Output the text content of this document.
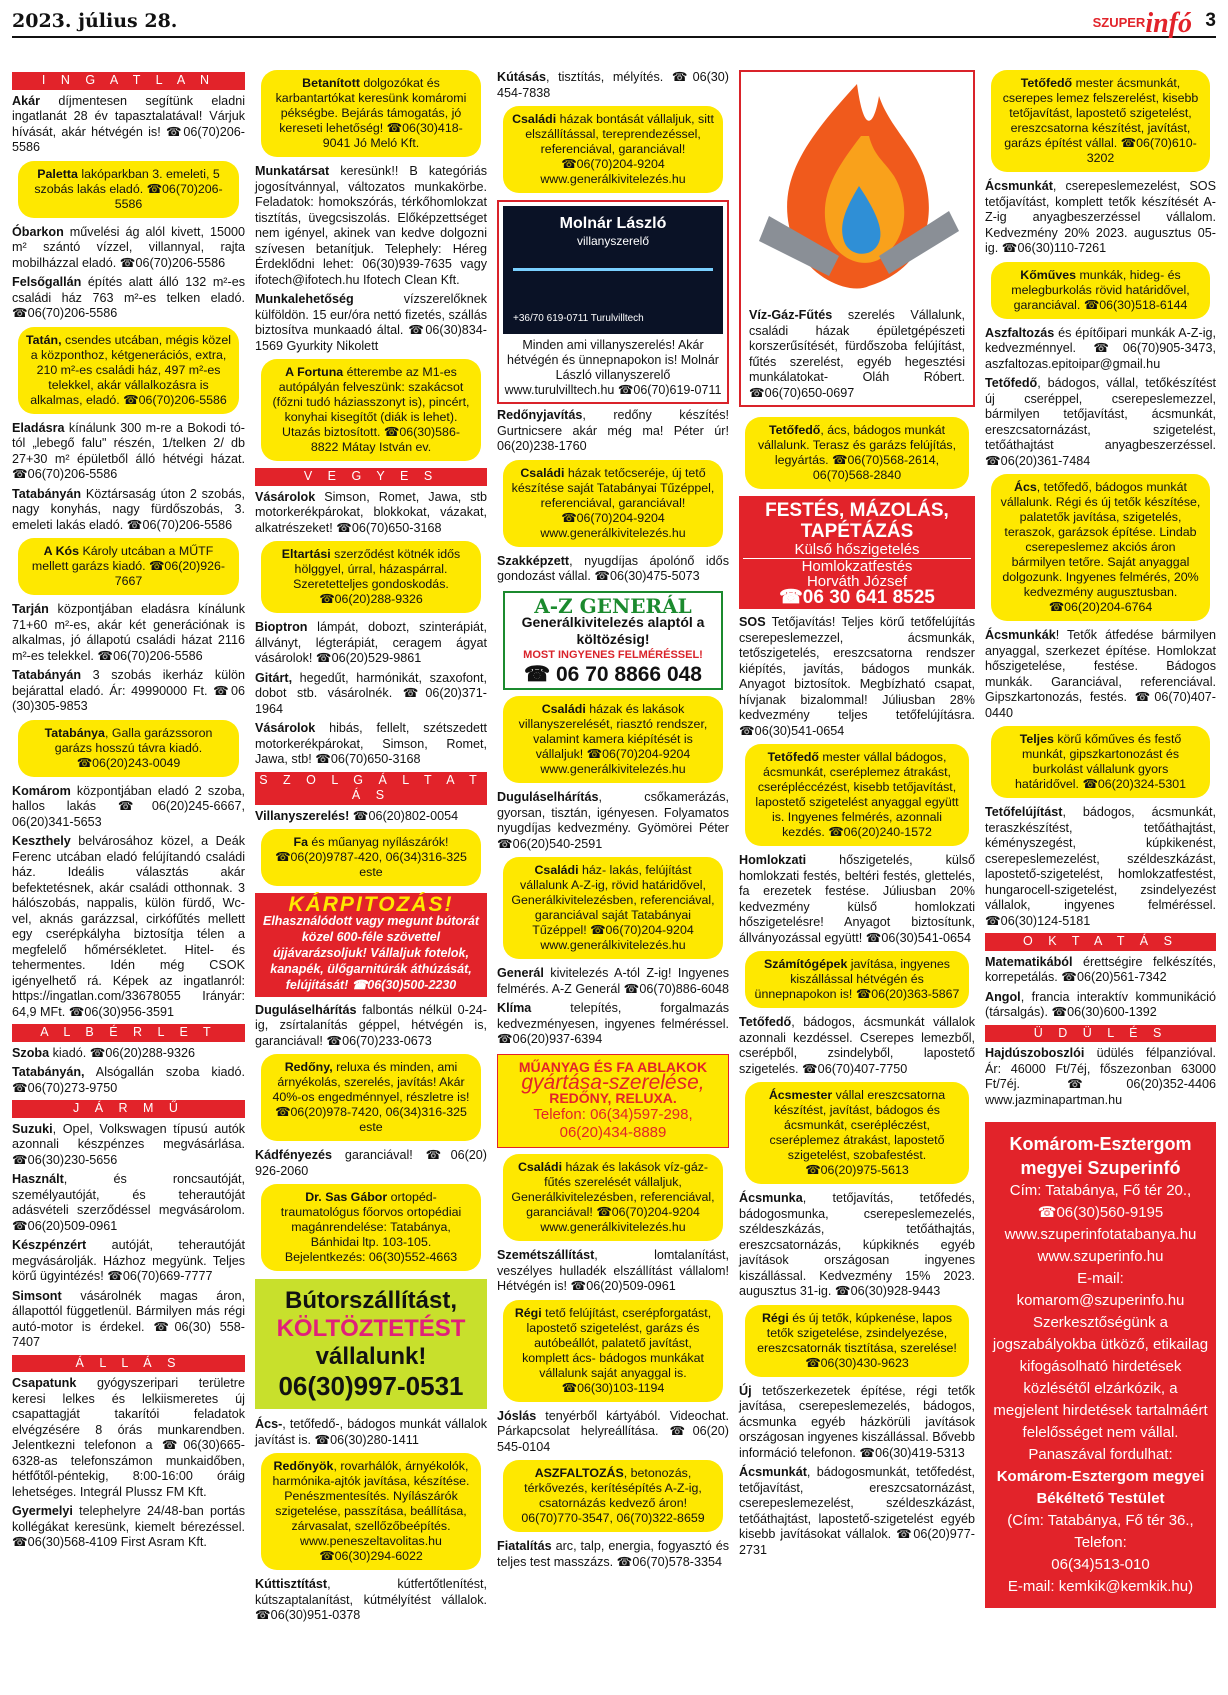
2023. július 28.	SZUPERinfó 3
I N G A T L A N
Akár díjmentesen segítünk eladni ingatlanát 28 év tapasztalatával! Várjuk hívását, akár hétvégén is! ☎06(70)206-5586
Paletta lakóparkban 3. emeleti, 5 szobás lakás eladó. ☎06(70)206-5586
Óbarkon művelési ág alól kivett, 15000 m² szántó vízzel, villannyal, rajta mobilházzal eladó. ☎06(70)206-5586
Felsőgallán építés alatt álló 132 m²-es családi ház 763 m²-es telken eladó. ☎06(70)206-5586
Tatán, csendes utcában, mégis közel a központhoz, kétgenerációs, extra, 210 m²-es családi ház, 497 m²-es telekkel, akár vállalkozásra is alkalmas, eladó. ☎06(70)206-5586
Eladásra kínálunk 300 m-re a Bokodi tó-tól „lebegő falu" részén, 1/telken 2/ db 27+30 m² épületből álló hétvégi házat. ☎06(70)206-5586
Tatabányán Köztársaság úton 2 szobás, nagy konyhás, nagy fürdőszobás, 3. emeleti lakás eladó. ☎06(70)206-5586
A Kós Károly utcában a MŰTF mellett garázs kiadó. ☎06(20)926-7667
Tarján központjában eladásra kínálunk 71+60 m²-es, akár két generációnak is alkalmas, jó állapotú családi házat 2116 m²-es telekkel. ☎06(70)206-5586
Tatabányán 3 szobás ikerház külön bejárattal eladó. Ár: 49990000 Ft. ☎06 (30)305-9853
Tatabánya, Galla garázssoron garázs hosszú távra kiadó. ☎06(20)243-0049
Komárom központjában eladó 2 szoba, hallos lakás ☎06(20)245-6667, 06(20)341-5653
Keszthely belvárosához közel, a Deák Ferenc utcában eladó felújítandó családi ház. Ideális választás akár befektetésnek, akár családi otthonnak. 3 hálószobás, nappalis, külön fürdő, Wc-vel, aknás garázzsal, cirkófűtés mellett egy cserépkályha biztosítja télen a megfelelő hőmérsékletet. Hitel- és tehermentes. Idén még CSOK igényelhető rá. Képek az ingatlanról: https://ingatlan.com/33678055 Irányár: 64,9 MFt. ☎06(30)956-3591
A L B É R L E T
Szoba kiadó. ☎06(20)288-9326
Tatabányán, Alsógallán szoba kiadó. ☎06(70)273-9750
J Á R M Ű
Suzuki, Opel, Volkswagen típusú autók azonnali készpénzes megvásárlása. ☎06(30)230-5656
Használt, és roncsautóját, személyautóját, és teherautóját adásvételi szerződéssel megvásárolom. ☎06(20)509-0961
Készpénzért autóját, teherautóját megvásárolják. Házhoz megyünk. Teljes körű ügyintézés! ☎06(70)669-7777
Simsont vásárolnék magas áron, állapottól függetlenül. Bármilyen más régi autó-motor is érdekel. ☎06(30) 558-7407
Á L L Á S
Csapatunk gyógyszeripari területre keresi lelkes és lelkiismeretes új csapattagját takarítói feladatok elvégzésére 8 órás munkarendben. Jelentkezni telefonon a ☎06(30)665-6328-as telefonszámon munkaidőben, hétfőtől-péntekig, 8:00-16:00 óráig lehetséges. Integrál Plussz FM Kft.
Gyermelyi telephelyre 24/48-ban portás kollégákat keresünk, kiemelt bérezéssel. ☎06(30)568-4109 First Asram Kft.
Betanított dolgozókat és karbantartókat keresünk komáromi pékségbe. Bejárás támogatás, jó kereseti lehetőség! ☎06(30)418-9041 Jó Meló Kft.
Munkatársat keresünk!! B kategóriás jogosítvánnyal, változatos munkakörbe. Feladatok: homokszórás, térkőhomlokzat tisztítás, üvegcsiszolás. Előképzettséget nem igényel, akinek van kedve dolgozni szívesen betanítjuk. Telephely: Héreg Érdeklődni lehet: 06(30)939-7635 vagy ifotech@ifotech.hu Ifotech Clean Kft.
Munkalehetőség vízszerelőknek külföldön. 15 eur/óra nettó fizetés, szállás biztosítva munkaadó által. ☎06(30)834-1569 Gyurkity Nikolett
A Fortuna étterembe az M1-es autópályán felveszünk: szakácsot (főzni tudó háziasszonyt is), pincért, konyhai kisegítőt (diák is lehet). Utazás biztosított. ☎06(30)586-8822 Mátay István ev.
V E G Y E S
Vásárolok Simson, Romet, Jawa, stb motorkerékpárokat, blokkokat, vázakat, alkatrészeket! ☎06(70)650-3168
Eltartási szerződést kötnék idős hölggyel, úrral, házaspárral. Szeretetteljes gondoskodás. ☎06(20)288-9326
Bioptron lámpát, dobozt, szinterápiát, állványt, légterápiát, ceragem ágyat vásárolok! ☎06(20)529-9861
Gitárt, hegedűt, harmónikát, szaxofont, dobot stb. vásárolnék. ☎06(20)371-1964
Vásárolok hibás, fellelt, szétszedett motorkerékpárokat, Simson, Romet, Jawa, stb! ☎06(70)650-3168
S Z O L G Á L T A T Á S
Villanyszerelés! ☎06(20)802-0054
Fa és műanyag nyílászárók! ☎06(20)9787-420, 06(34)316-325 este
KÁRPITOZÁS!
Elhasználódott vagy megunt bútorát közel 600-féle szövettel újjávarázsoljuk! Vállaljuk fotelok, kanapék, ülőgarnitúrák áthúzását, felújítását! ☎06(30)500-2230
Duguláselhárítás falbontás nélkül 0-24-ig, zsírtalanítás géppel, hétvégén is, garanciával! ☎06(70)233-0673
Redőny, reluxa és minden, ami árnyékolás, szerelés, javítás! Akár 40%-os engedménnyel, részletre is! ☎06(20)978-7420, 06(34)316-325 este
Kádfényezés garanciával! ☎06(20) 926-2060
Dr. Sas Gábor ortopéd-traumatológus főorvos ortopédiai magánrendelése: Tatabánya, Bánhidai ltp. 103-105. Bejelentkezés: 06(30)552-4663
Bútorszállítást,
KÖLTÖZTETÉST
vállalunk!
06(30)997-0531
Ács-, tetőfedő-, bádogos munkát vállalok javítást is. ☎06(30)280-1411
Redőnyök, rovarhálók, árnyékolók, harmónika-ajtók javítása, készítése. Penészmentesítés. Nyílászárók szigetelése, passzítása, beállítása, zárvasalat, szellőzőbeépítés. www.peneszeltavolitas.hu ☎06(30)294-6022
Kúttisztítást, kútfertőtlenítést, kútszaptalanítást, kútmélyítést vállalok. ☎06(30)951-0378
Kútásás, tisztítás, mélyítés. ☎06(30) 454-7838
Családi házak bontását vállaljuk, sitt elszállítással, tereprendezéssel, referenciával, garanciával! ☎06(70)204-9204 www.generálkivitelezés.hu
Molnár László
villanyszerelő
+36/70 619-0711 Turulvilltech
Minden ami villanyszerelés! Akár hétvégén és ünnepnapokon is! Molnár László villanyszerelő www.turulvilltech.hu ☎06(70)619-0711
Redőnyjavítás, redőny készítés! Gurtnicsere akár még ma! Péter úr! 06(20)238-1760
Családi házak tetőcseréje, új tető készítése saját Tatabányai Tűzéppel, referenciával, garanciával! ☎06(70)204-9204 www.generálkivitelezés.hu
Szakképzett, nyugdíjas ápolónő idős gondozást vállal. ☎06(30)475-5073
A-Z GENERÁL
Generálkivitelezés alaptól a költözésig!
MOST INGYENES FELMÉRÉSSEL!
☎ 06 70 8866 048
Családi házak és lakások villanyszerelését, riasztó rendszer, valamint kamera kiépítését is vállaljuk! ☎06(70)204-9204 www.generálkivitelezés.hu
Duguláselhárítás, csőkamerázás, gyorsan, tisztán, igényesen. Folyamatos nyugdíjas kedvezmény. Gyömörei Péter ☎06(20)540-2591
Családi ház- lakás, felújítást vállalunk A-Z-ig, rövid határidővel, Generálkivitelezésben, referenciával, garanciával saját Tatabányai Tűzéppel! ☎06(70)204-9204 www.generálkivitelezés.hu
Generál kivitelezés A-tól Z-ig! Ingyenes felmérés. A-Z Generál ☎06(70)886-6048
Klíma telepítés, forgalmazás kedvezményesen, ingyenes felméréssel. ☎06(20)937-6394
MŰANYAG ÉS FA ABLAKOK
gyártása-szerelése,
REDŐNY, RELUXA.
Telefon: 06(34)597-298, 06(20)434-8889
Családi házak és lakások víz-gáz-fűtés szerelését vállaljuk, Generálkivitelezésben, referenciával, garanciával! ☎06(70)204-9204 www.generálkivitelezés.hu
Szemétszállítást, lomtalanítást, veszélyes hulladék elszállítást vállalom! Hétvégén is! ☎06(20)509-0961
Régi tető felújítást, cserépforgatást, lapostető szigetelést, garázs és autóbeállót, palatető javítást, komplett ács- bádogos munkákat vállalunk saját anyaggal is. ☎06(30)103-1194
Jóslás tenyérből kártyából. Videochat. Párkapcsolat helyreállítása. ☎06(20) 545-0104
ASZFALTOZÁS, betonozás, térkővezés, kerítésépítés A-Z-ig, csatornázás kedvező áron! 06(70)770-3547, 06(70)322-8659
Fiatalítás arc, talp, energia, fogyasztó és teljes test masszázs. ☎06(70)578-3354
Víz-Gáz-Fűtés szerelés Vállalunk, családi házak épületgépészeti korszerűsítését, fürdőszoba felújítást, fűtés szerelést, egyéb hegesztési munkálatokat- Oláh Róbert. ☎06(70)650-0697
Tetőfedő, ács, bádogos munkát vállalunk. Terasz és garázs felújítás, legyártás. ☎06(70)568-2614, 06(70)568-2840
FESTÉS, MÁZOLÁS, TAPÉTÁZÁS
Külső hőszigetelés
Homlokzatfestés
Horváth József
☎06 30 641 8525
SOS Tetőjavítás! Teljes körű tetőfelújítás cserepeslemezzel, ácsmunkák, tetőszigetelés, ereszcsatorna rendszer kiépítés, javítás, bádogos munkák. Anyagot biztosítok. Megbízható csapat, hívjanak bizalommal! Júliusban 28% kedvezmény teljes tetőfelújításra. ☎06(30)541-0654
Tetőfedő mester vállal bádogos, ácsmunkát, cseréplemez átrakást, cserépléccézést, kisebb tetőjavítást, lapostető szigetelést anyaggal együtt is. Ingyenes felmérés, azonnali kezdés. ☎06(20)240-1572
Homlokzati hőszigetelés, külső homlokzati festés, beltéri festés, glettelés, fa erezetek festése. Júliusban 20% kedvezmény külső homlokzati hőszigetelésre! Anyagot biztosítunk, állványozással együtt! ☎06(30)541-0654
Számítógépek javítása, ingyenes kiszállással hétvégén és ünnepnapokon is! ☎06(20)363-5867
Tetőfedő, bádogos, ácsmunkát vállalok azonnali kezdéssel. Cserepes lemezből, cserépből, zsindelyből, lapostető szigetelés. ☎06(70)407-7750
Ácsmester vállal ereszcsatorna készítést, javítást, bádogos és ácsmunkát, cserépléczést, cseréplemez átrakást, lapostető szigetelést, szobafestést. ☎06(20)975-5613
Ácsmunka, tetőjavítás, tetőfedés, bádogosmunka, cserepeslemezelés, széldeszkázás, tetőáthajtás, ereszcsatornázás, kúpkiknés egyéb javítások országosan ingyenes kiszállással. Kedvezmény 15% 2023. augusztus 31-ig. ☎06(30)928-9443
Régi és új tetők, kúpkenése, lapos tetők szigetelése, zsindelyezése, ereszcsatornák tisztítása, szerelése! ☎06(30)430-9623
Új tetőszerkezetek építése, régi tetők javítása, cserepeslemezelés, bádogos, ácsmunka egyéb házkörüli javítások országosan ingyenes kiszállással. Bővebb információ telefonon. ☎06(30)419-5313
Ácsmunkát, bádogosmunkát, tetőfedést, tetőjavítást, ereszcsatornázást, cserepeslemezelést, széldeszkázást, tetőáthajtást, lapostető-szigetelést egyéb kisebb javításokat vállalok. ☎06(20)977-2731
Tetőfedő mester ácsmunkát, cserepes lemez felszerelést, kisebb tetőjavítást, lapostető szigetelést, ereszcsatorna készítést, javítást, garázs építést vállal. ☎06(70)610-3202
Ácsmunkát, cserepeslemezelést, SOS tetőjavítást, komplett tetők készítését A-Z-ig anyagbeszerzéssel vállalom. Kedvezmény 20% 2023. augusztus 05-ig. ☎06(30)110-7261
Kőműves munkák, hideg- és melegburkolás rövid határidővel, garanciával. ☎06(30)518-6144
Aszfaltozás és építőipari munkák A-Z-ig, kedvezménnyel. ☎06(70)905-3473, aszfaltozas.epitoipar@gmail.hu
Tetőfedő, bádogos, vállal, tetőkészítést új cseréppel, cserepeslemezzel, bármilyen tetőjavítást, ácsmunkát, ereszcsatornázást, szigetelést, tetőáthajtást anyagbeszerzéssel. ☎06(20)361-7484
Ács, tetőfedő, bádogos munkát vállalunk. Régi és új tetők készítése, palatetők javítása, szigetelés, teraszok, garázsok építése. Lindab cserepeslemez akciós áron bármilyen tetőre. Saját anyaggal dolgozunk. Ingyenes felmérés, 20% kedvezmény augusztusban. ☎06(20)204-6764
Ácsmunkák! Tetők átfedése bármilyen anyaggal, szerkezet építése. Homlokzat hőszigetelése, festése. Bádogos munkák. Garanciával, referenciával. Gipszkartonozás, festés. ☎06(70)407-0440
Teljes körű kőműves és festő munkát, gipszkartonozást és burkolást vállalunk gyors határidővel. ☎06(20)324-5301
Tetőfelújítást, bádogos, ácsmunkát, teraszkészítést, tetőáthajtást, kéményszegést, kúpkikenést, cserepeslemezelést, széldeszkázást, lapostető-szigetelést, homlokzatfestést, hungarocell-szigetelést, zsindelyezést vállalok, ingyenes felméréssel. ☎06(30)124-5181
O K T A T Á S
Matematikából érettségire felkészítés, korrepetálás. ☎06(20)561-7342
Angol, francia interaktív kommunikáció (társalgás). ☎06(30)600-1392
Ü D Ü L É S
Hajdúszoboszlói üdülés félpanzióval. Ár: 46000 Ft/7éj, főszezonban 63000 Ft/7éj. ☎06(20)352-4406 www.jazminapartman.hu
Komárom-Esztergom megyei Szuperinfó
Cím: Tatabánya, Fő tér 20.,
☎06(30)560-9195
www.szuperinfotatabanya.hu
www.szuperinfo.hu
E-mail:
komarom@szuperinfo.hu
Szerkesztőségünk a jogszabályokba ütköző, etikailag kifogásolható hirdetések közlésétől elzárkózik, a megjelent hirdetések tartalmáért felelősséget nem vállal.
Panaszával fordulhat:
Komárom-Esztergom megyei Békéltető Testület
(Cím: Tatabánya, Fő tér 36.,
Telefon:
06(34)513-010
E-mail: kemkik@kemkik.hu)
